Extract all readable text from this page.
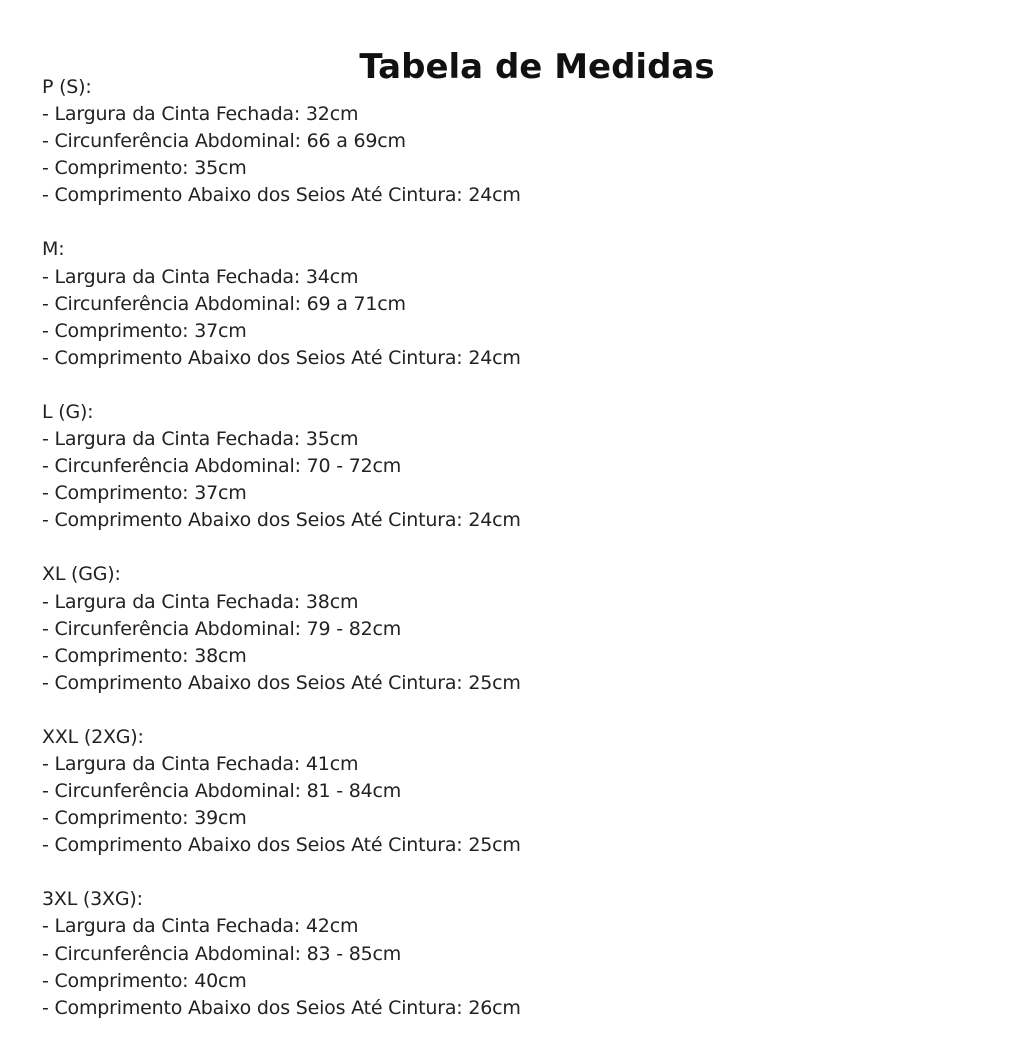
Tabela de Medidas

P (S):

- Largura da Cinta Fechada: 32cm

- Circunferência Abdominal: 66 a 69cm

- Comprimento: 35cm

- Comprimento Abaixo dos Seios Até Cintura: 24cm

M:

- Largura da Cinta Fechada: 34cm

- Circunferência Abdominal: 69 a 71cm

- Comprimento: 37cm

- Comprimento Abaixo dos Seios Até Cintura: 24cm

L (G):

- Largura da Cinta Fechada: 35cm

- Circunferência Abdominal: 70 - 72cm

- Comprimento: 37cm

- Comprimento Abaixo dos Seios Até Cintura: 24cm

XL (GG):

- Largura da Cinta Fechada: 38cm

- Circunferência Abdominal: 79 - 82cm

- Comprimento: 38cm

- Comprimento Abaixo dos Seios Até Cintura: 25cm

XXL (2XG):

- Largura da Cinta Fechada: 41cm

- Circunferência Abdominal: 81 - 84cm

- Comprimento: 39cm

- Comprimento Abaixo dos Seios Até Cintura: 25cm

3XL (3XG):

- Largura da Cinta Fechada: 42cm

- Circunferência Abdominal: 83 - 85cm

- Comprimento: 40cm

- Comprimento Abaixo dos Seios Até Cintura: 26cm
